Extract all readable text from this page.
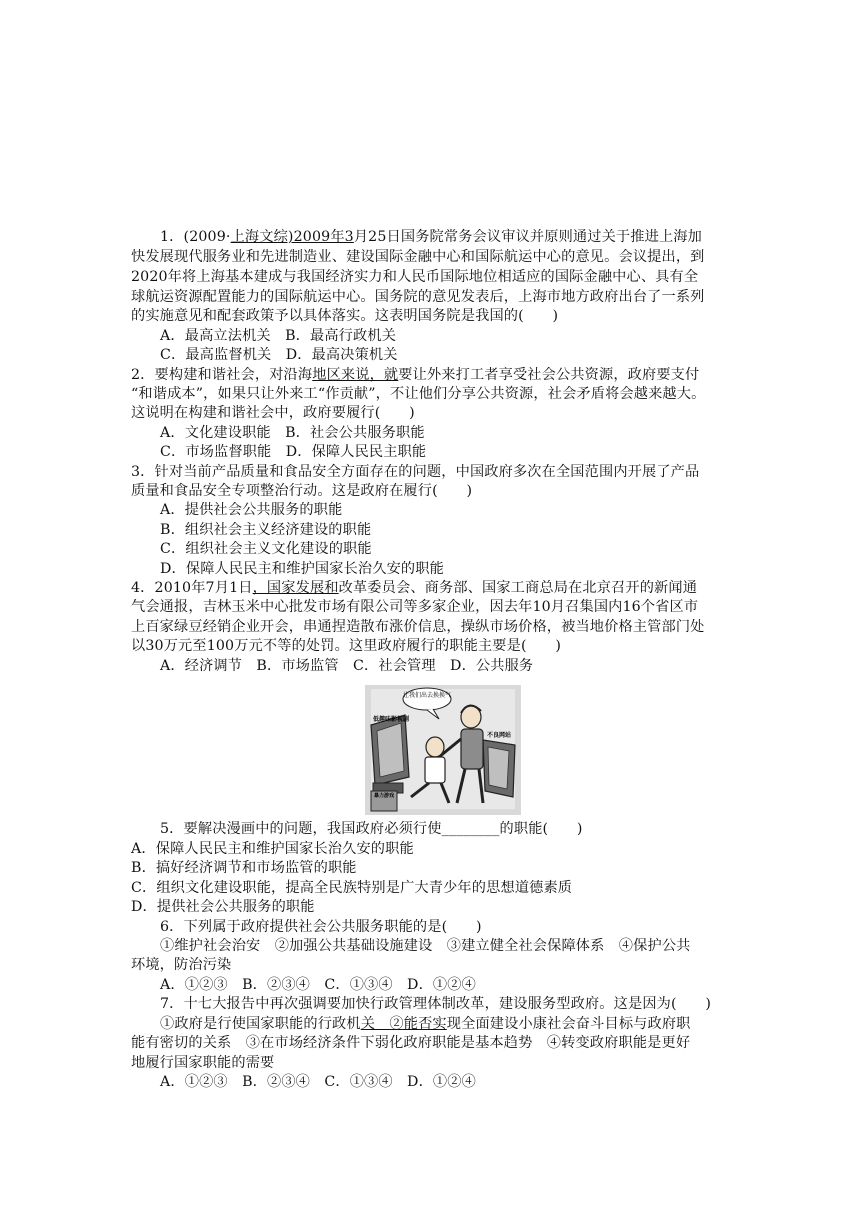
1．(2009·上海文综)2009年3月25日国务院常务会议审议并原则通过关于推进上海加
快发展现代服务业和先进制造业、建设国际金融中心和国际航运中心的意见。会议提出，到
2020年将上海基本建成与我国经济实力和人民币国际地位相适应的国际金融中心、具有全
球航运资源配置能力的国际航运中心。国务院的意见发表后，上海市地方政府出台了一系列
的实施意见和配套政策予以具体落实。这表明国务院是我国的(　　)
A．最高立法机关　B．最高行政机关
C．最高监督机关　D．最高决策机关
2．要构建和谐社会，对沿海地区来说，就要让外来打工者享受社会公共资源，政府要支付
“和谐成本”，如果只让外来工“作贡献”，不让他们分享公共资源，社会矛盾将会越来越大。
这说明在构建和谐社会中，政府要履行(　　)
A．文化建设职能　B．社会公共服务职能
C．市场监督职能　D．保障人民民主职能
3．针对当前产品质量和食品安全方面存在的问题，中国政府多次在全国范围内开展了产品
质量和食品安全专项整治行动。这是政府在履行(　　)
A．提供社会公共服务的职能
B．组织社会主义经济建设的职能
C．组织社会主义文化建设的职能
D．保障人民民主和维护国家长治久安的职能
4．2010年7月1日，国家发展和改革委员会、商务部、国家工商总局在北京召开的新闻通
气会通报，吉林玉米中心批发市场有限公司等多家企业，因去年10月召集国内16个省区市
上百家绿豆经销企业开会，串通捏造散布涨价信息，操纵市场价格，被当地价格主管部门处
以30万元至100万元不等的处罚。这里政府履行的职能主要是(　　)
A．经济调节　B．市场监管　C．社会管理　D．公共服务
让我们出去换换气
低趣味影视剧
不良网站
暴力游戏
5．要解决漫画中的问题，我国政府必须行使________的职能(　　)
A．保障人民民主和维护国家长治久安的职能
B．搞好经济调节和市场监管的职能
C．组织文化建设职能，提高全民族特别是广大青少年的思想道德素质
D．提供社会公共服务的职能
6．下列属于政府提供社会公共服务职能的是(　　)
①维护社会治安　②加强公共基础设施建设　③建立健全社会保障体系　④保护公共
环境，防治污染
A．①②③　B．②③④　C．①③④　D．①②④
7．十七大报告中再次强调要加快行政管理体制改革，建设服务型政府。这是因为(　　)
①政府是行使国家职能的行政机关　②能否实现全面建设小康社会奋斗目标与政府职
能有密切的关系　③在市场经济条件下弱化政府职能是基本趋势　④转变政府职能是更好
地履行国家职能的需要
A．①②③　B．②③④　C．①③④　D．①②④
